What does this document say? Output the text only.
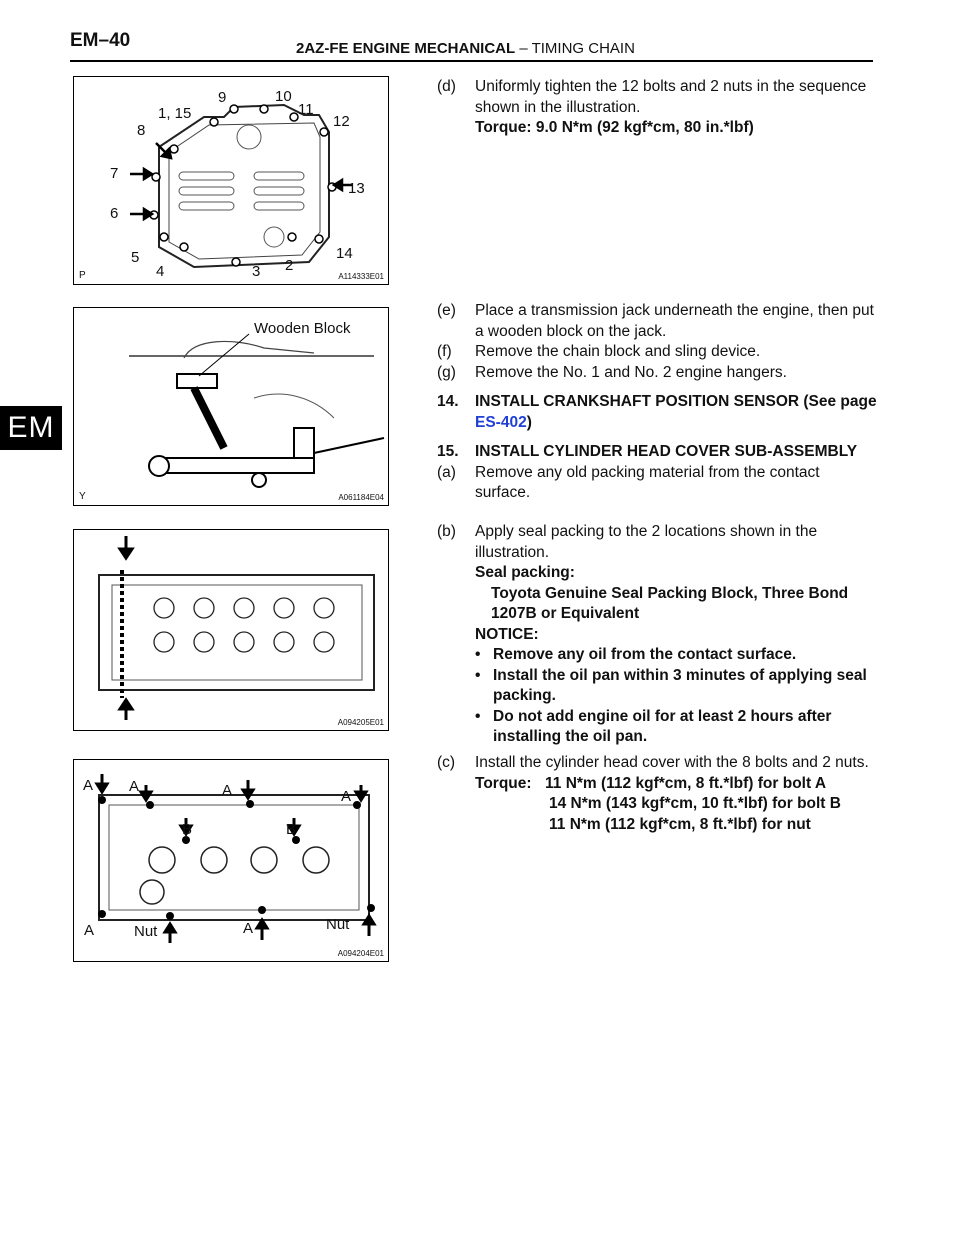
EM–40	2AZ-FE ENGINE MECHANICAL – TIMING CHAIN
EM
1, 15
2
3
4
5
6
7
8
9	10
11
12
13
14
P	A114333E01
Wooden Block
Y	A061184E04
A094205E01
A A	A	A
B	B
A	Nut	A	Nut
A094204E01
(d) Uniformly tighten the 12 bolts and 2 nuts in the sequence shown in the illustration.
Torque: 9.0 N*m (92 kgf*cm, 80 in.*lbf)
(e) Place a transmission jack underneath the engine, then put a wooden block on the jack.
(f) Remove the chain block and sling device.
(g) Remove the No. 1 and No. 2 engine hangers.
14. INSTALL CRANKSHAFT POSITION SENSOR (See page ES-402)
15. INSTALL CYLINDER HEAD COVER SUB-ASSEMBLY
(a) Remove any old packing material from the contact surface.
(b) Apply seal packing to the 2 locations shown in the illustration.
Seal packing:
Toyota Genuine Seal Packing Block, Three Bond 1207B or Equivalent
NOTICE:
• Remove any oil from the contact surface.
• Install the oil pan within 3 minutes of applying seal packing.
• Do not add engine oil for at least 2 hours after installing the oil pan.
(c) Install the cylinder head cover with the 8 bolts and 2 nuts.
Torque: 11 N*m (112 kgf*cm, 8 ft.*lbf) for bolt A
14 N*m (143 kgf*cm, 10 ft.*lbf) for bolt B
11 N*m (112 kgf*cm, 8 ft.*lbf) for nut
